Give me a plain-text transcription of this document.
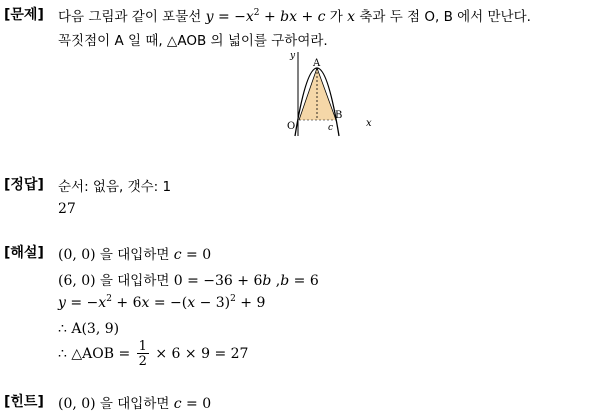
[문제] 다음 그림과 같이 포물선 $y = -x^2$ + bx + c 가 x 축과 두 점 O, B 에서 만난다.
꼭짓점이 A 일 때, △AOB 의 넓이를 구하여라.
y
A
O
B
c	x
[정답] 순서: 없음, 갯수: 1
27
[해설] (0, 0) 을 대입하면 c = 0
(6, 0) 을 대입하면 0 = −36 + 6b ,b = 6
$y = -x^2 + 6x = -(x - 3)^2 + 9$
∴ A(3, 9)
∴ △AOB = $\frac{1}{2} \times 6 \times 9 = 27$
[힌트] (0, 0) 을 대입하면 c = 0
